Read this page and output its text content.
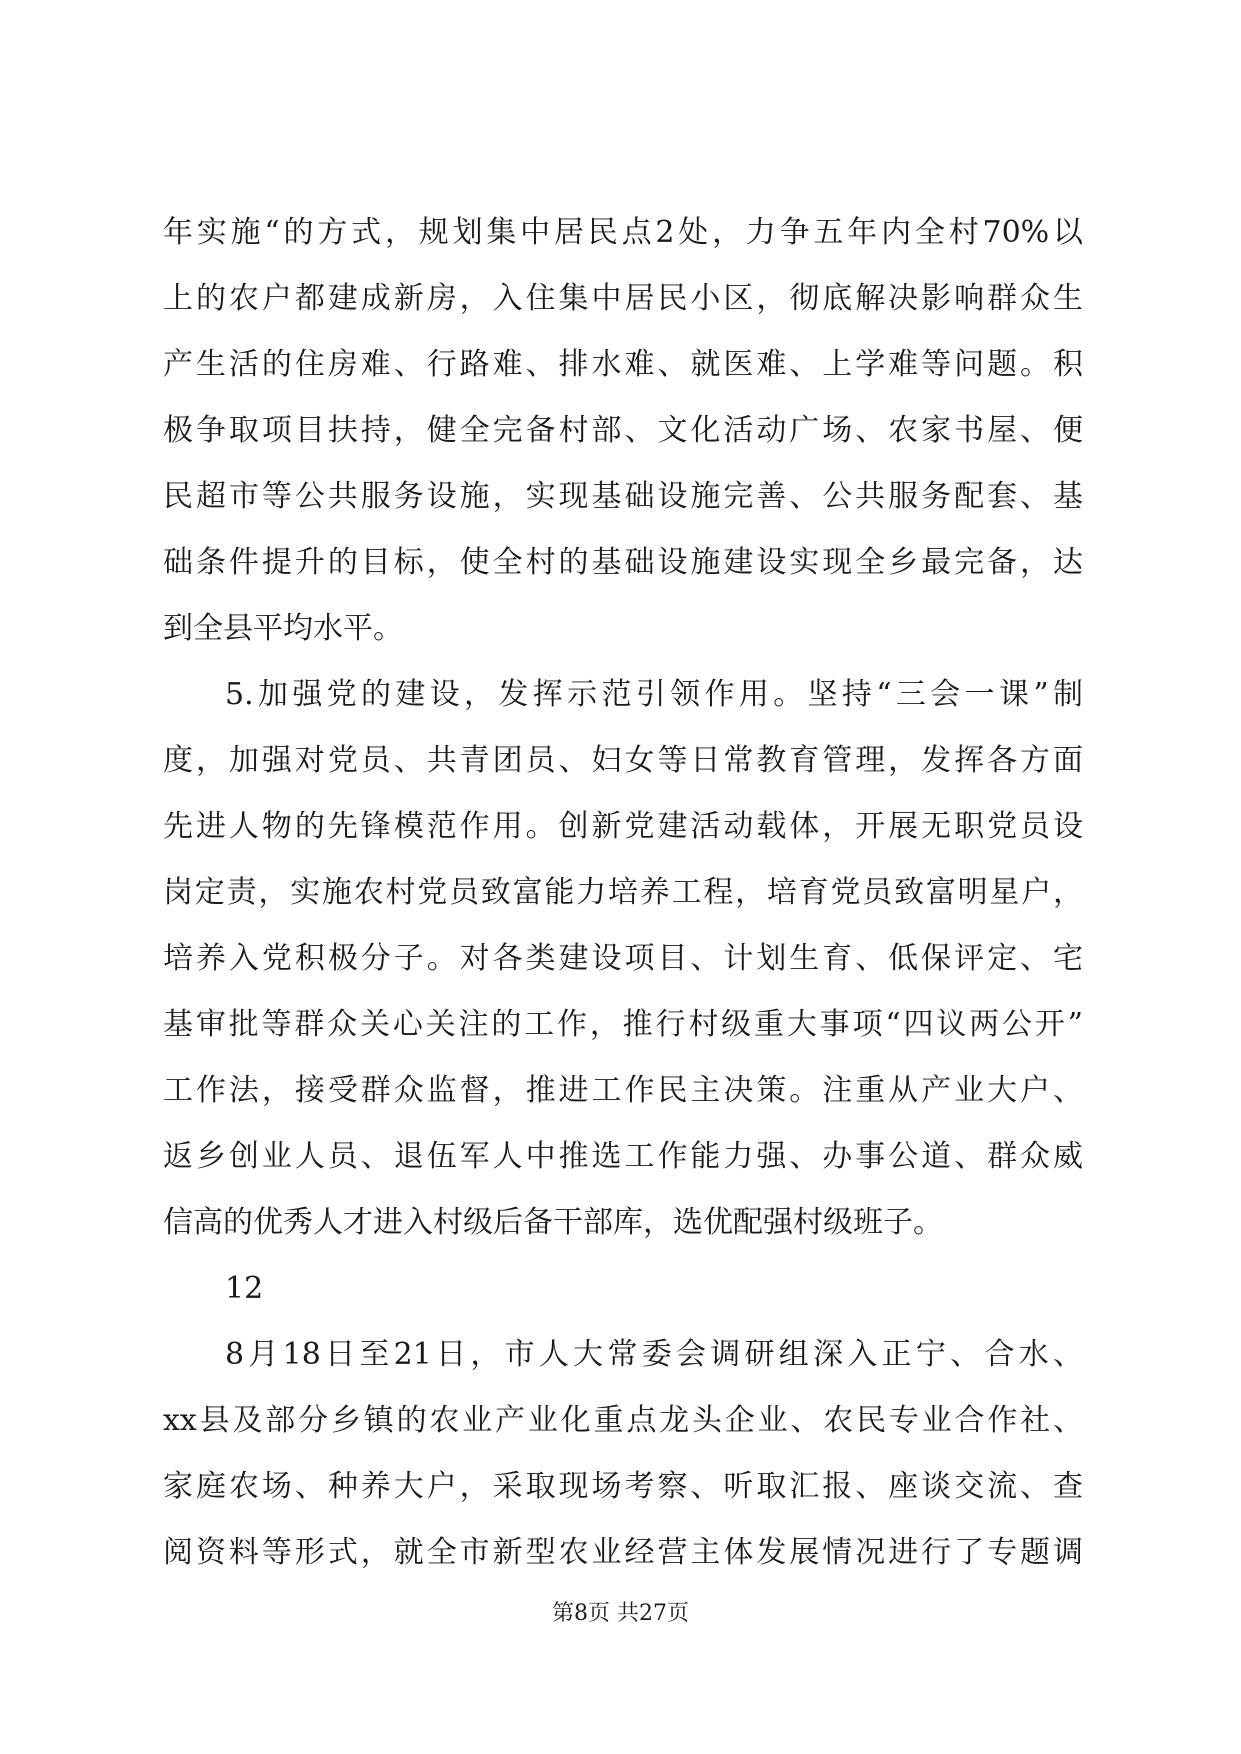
年实施“的方式，规划集中居民点2处，力争五年内全村70%以
上的农户都建成新房，入住集中居民小区，彻底解决影响群众生
产生活的住房难、行路难、排水难、就医难、上学难等问题。积
极争取项目扶持，健全完备村部、文化活动广场、农家书屋、便
民超市等公共服务设施，实现基础设施完善、公共服务配套、基
础条件提升的目标，使全村的基础设施建设实现全乡最完备，达
到全县平均水平。
5.加强党的建设，发挥示范引领作用。坚持“三会一课”制
度，加强对党员、共青团员、妇女等日常教育管理，发挥各方面
先进人物的先锋模范作用。创新党建活动载体，开展无职党员设
岗定责，实施农村党员致富能力培养工程，培育党员致富明星户，
培养入党积极分子。对各类建设项目、计划生育、低保评定、宅
基审批等群众关心关注的工作，推行村级重大事项“四议两公开”
工作法，接受群众监督，推进工作民主决策。注重从产业大户、
返乡创业人员、退伍军人中推选工作能力强、办事公道、群众威
信高的优秀人才进入村级后备干部库，选优配强村级班子。
12
8月18日至21日，市人大常委会调研组深入正宁、合水、
xx县及部分乡镇的农业产业化重点龙头企业、农民专业合作社、
家庭农场、种养大户，采取现场考察、听取汇报、座谈交流、查
阅资料等形式，就全市新型农业经营主体发展情况进行了专题调
第8页 共27页
